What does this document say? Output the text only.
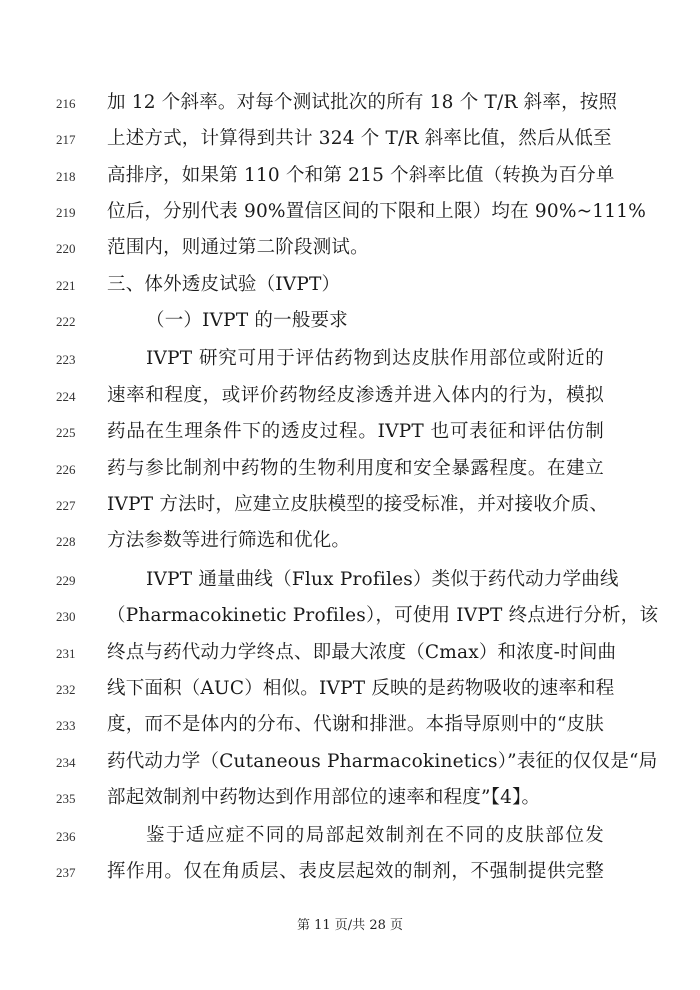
216	加 12 个斜率。对每个测试批次的所有 18 个 T/R 斜率，按照
217	上述方式，计算得到共计 324 个 T/R 斜率比值，然后从低至
218	高排序，如果第 110 个和第 215 个斜率比值（转换为百分单
219	位后，分别代表 90%置信区间的下限和上限）均在 90%~111%
220	范围内，则通过第二阶段测试。
221	三、体外透皮试验（IVPT）
222	（一）IVPT 的一般要求
223	IVPT 研究可用于评估药物到达皮肤作用部位或附近的
224	速率和程度，或评价药物经皮渗透并进入体内的行为，模拟
225	药品在生理条件下的透皮过程。IVPT 也可表征和评估仿制
226	药与参比制剂中药物的生物利用度和安全暴露程度。在建立
227	IVPT 方法时，应建立皮肤模型的接受标准，并对接收介质、
228	方法参数等进行筛选和优化。
229	IVPT 通量曲线（Flux Profiles）类似于药代动力学曲线
230	（Pharmacokinetic Profiles），可使用 IVPT 终点进行分析，该
231	终点与药代动力学终点、即最大浓度（Cmax）和浓度-时间曲
232	线下面积（AUC）相似。IVPT 反映的是药物吸收的速率和程
233	度，而不是体内的分布、代谢和排泄。本指导原则中的“皮肤
234	药代动力学（Cutaneous Pharmacokinetics）”表征的仅仅是“局
235	部起效制剂中药物达到作用部位的速率和程度”【4】。
236	鉴于适应症不同的局部起效制剂在不同的皮肤部位发
237	挥作用。仅在角质层、表皮层起效的制剂，不强制提供完整
第 11 页/共 28 页
